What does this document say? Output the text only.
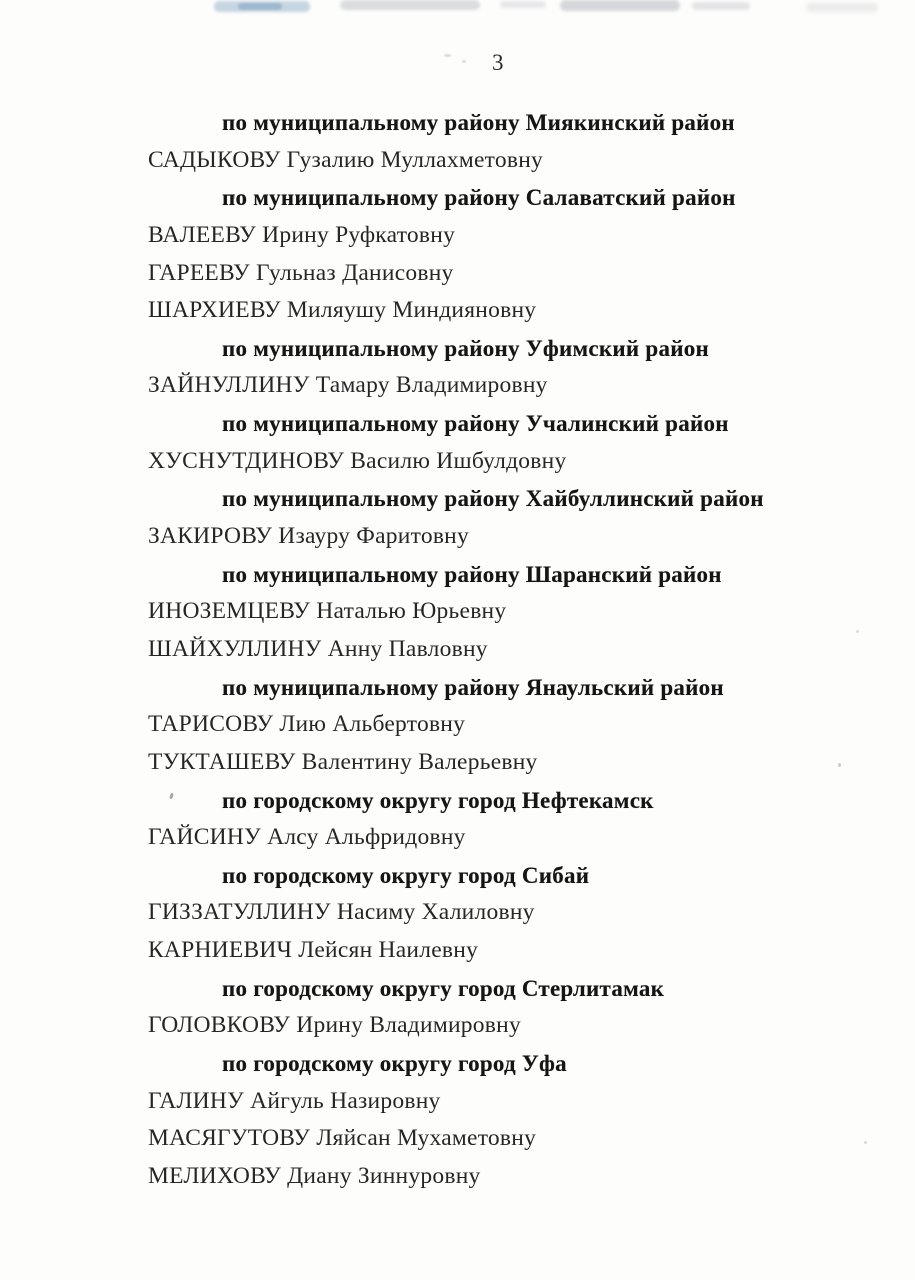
3
по муниципальному району Миякинский район
САДЫКОВУ Гузалию Муллахметовну
по муниципальному району Салаватский район
ВАЛЕЕВУ Ирину Руфкатовну
ГАРЕЕВУ Гульназ Данисовну
ШАРХИЕВУ Миляушу Миндияновну
по муниципальному району Уфимский район
ЗАЙНУЛЛИНУ Тамару Владимировну
по муниципальному району Учалинский район
ХУСНУТДИНОВУ Василю Ишбулдовну
по муниципальному району Хайбуллинский район
ЗАКИРОВУ Изауру Фаритовну
по муниципальному району Шаранский район
ИНОЗЕМЦЕВУ Наталью Юрьевну
ШАЙХУЛЛИНУ Анну Павловну
по муниципальному району Янаульский район
ТАРИСОВУ Лию Альбертовну
ТУКТАШЕВУ Валентину Валерьевну
по городскому округу город Нефтекамск
ГАЙСИНУ Алсу Альфридовну
по городскому округу город Сибай
ГИЗЗАТУЛЛИНУ Насиму Халиловну
КАРНИЕВИЧ Лейсян Наилевну
по городскому округу город Стерлитамак
ГОЛОВКОВУ Ирину Владимировну
по городскому округу город Уфа
ГАЛИНУ Айгуль Назировну
МАСЯГУТОВУ Ляйсан Мухаметовну
МЕЛИХОВУ Диану Зиннуровну
